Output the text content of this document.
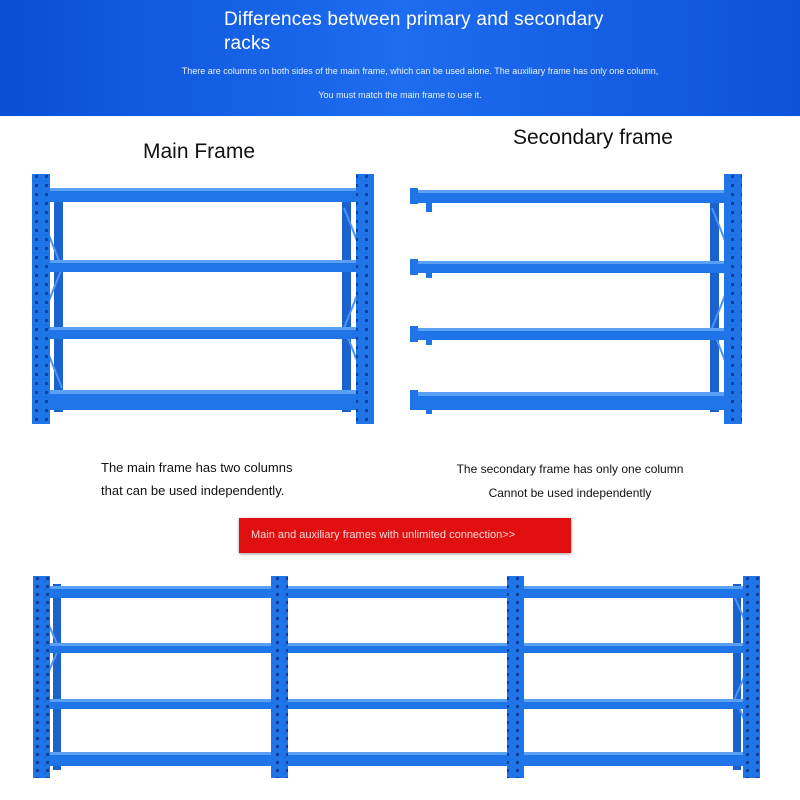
Differences between primary and secondary racks
There are columns on both sides of the main frame, which can be used alone. The auxiliary frame has only one column,
You must match the main frame to use it.
Main Frame
Secondary frame
The main frame has two columns
that can be used independently.
The secondary frame has only one column
Cannot be used independently
Main and auxiliary frames with unlimited connection>>
